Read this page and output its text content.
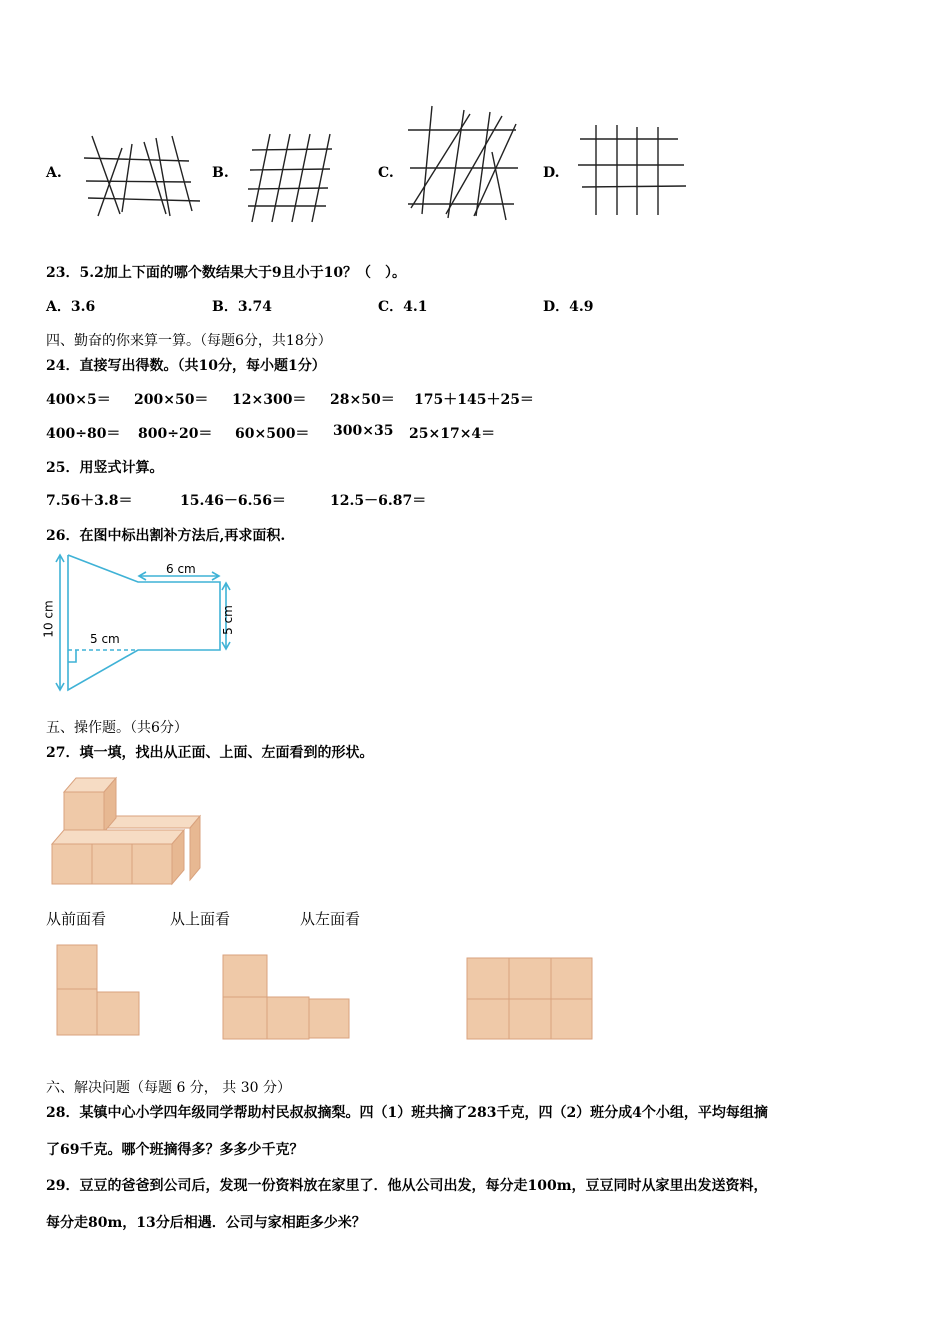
A.	B.	C.	D.
23．5.2加上下面的哪个数结果大于9且小于10？（　）。
A．3.6	B．3.74	C．4.1	D．4.9
四、勤奋的你来算一算。（每题6分，共18分）
24．直接写出得数。（共10分，每小题1分）
400×5＝ 200×50＝ 12×300＝ 28×50＝ 175＋145＋25＝
400÷80＝ 800÷20＝ 60×500＝ 300×35 25×17×4＝
25．用竖式计算。
7.56＋3.8＝	15.46－6.56＝	12.5－6.87＝
26．在图中标出割补方法后,再求面积.
6 cm
5 cm
5 cm
10 cm
五、操作题。（共6分）
27．填一填，找出从正面、上面、左面看到的形状。
从前面看	从上面看	从左面看
六、解决问题（每题 6 分， 共 30 分）
28．某镇中心小学四年级同学帮助村民叔叔摘梨。四（1）班共摘了283千克，四（2）班分成4个小组，平均每组摘
了69千克。哪个班摘得多？多多少千克？
29．豆豆的爸爸到公司后，发现一份资料放在家里了．他从公司出发，每分走100m，豆豆同时从家里出发送资料，
每分走80m，13分后相遇．公司与家相距多少米？
